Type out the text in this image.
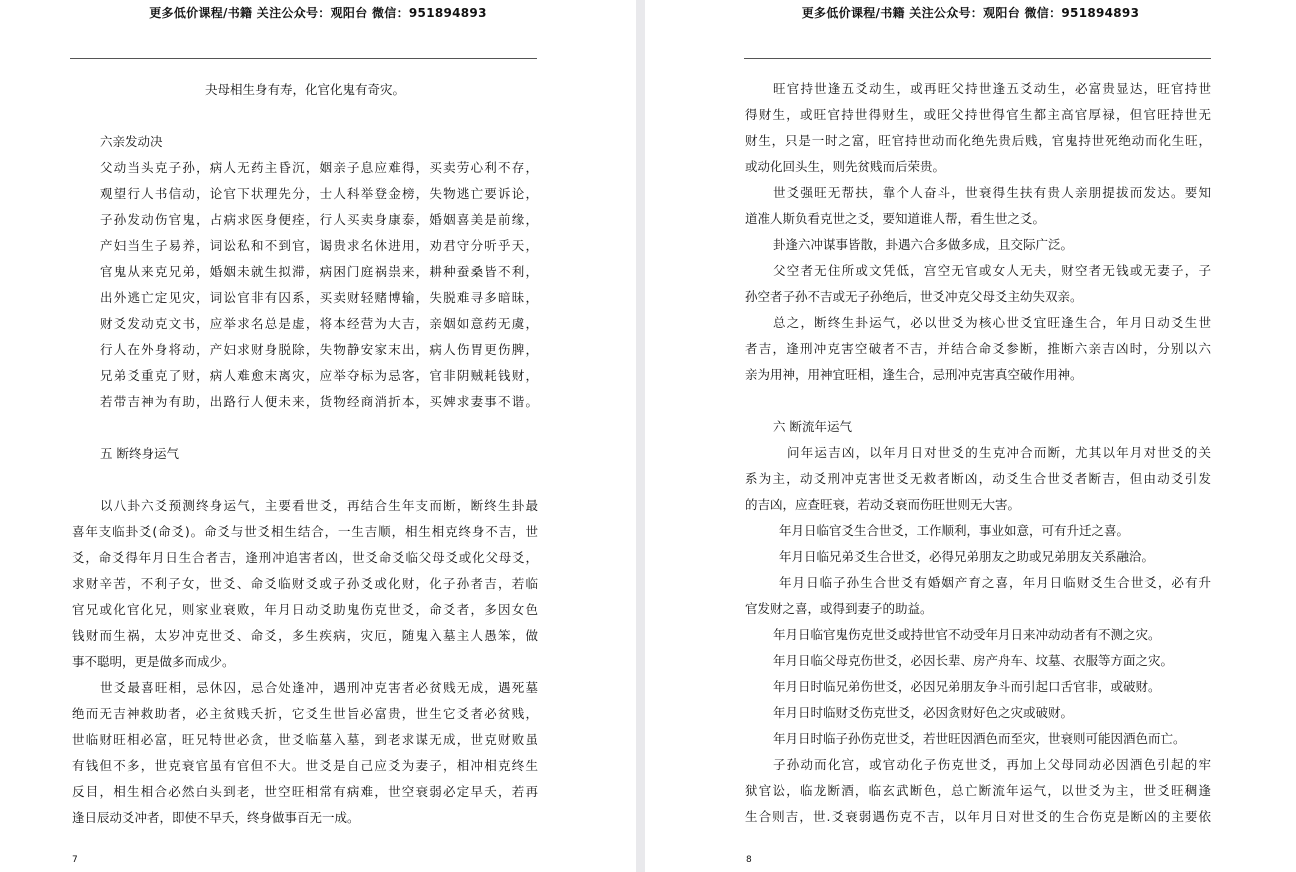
更多低价课程/书籍 关注公众号：观阳台 微信：951894893
夬母相生身有寿，化官化鬼有奇灾。
六亲发动决
父动当头克子孙，病人无药主昏沉，姻亲子息应难得，买卖劳心利不存，
观望行人书信动，论官下状理先分，士人科举登金榜，失物逃亡要诉论，
子孙发动伤官鬼，占病求医身便痊，行人买卖身康泰，婚姻喜美是前缘，
产妇当生子易养，词讼私和不到官，谒贵求名休进用，劝君守分听乎天，
官鬼从来克兄弟，婚姻未就生拟滞，病困门庭祸祟来，耕种蚕桑皆不利，
出外逃亡定见灾，词讼官非有囚系，买卖财轻赌博输，失脱难寻多暗昧，
财爻发动克文书，应举求名总是虚，将本经营为大吉，亲姻如意药无虞，
行人在外身将动，产妇求财身脱除，失物静安家末出，病人伤胃更伤脾，
兄弟爻重克了财，病人难愈末离灾，应举夺标为忌客，官非阴贼耗钱财，
若带吉神为有助，出路行人便未来，货物经商消折本，买婢求妻事不谐。
五 断终身运气
以八卦六爻预测终身运气，主要看世爻，再结合生年支而断，断终生卦最
喜年支临卦爻(命爻)。命爻与世爻相生结合，一生吉顺，相生相克终身不吉，世
爻，命爻得年月日生合者吉，逢刑冲追害者凶，世爻命爻临父母爻或化父母爻，
求财辛苦，不利子女，世爻、命爻临财爻或子孙爻或化财，化子孙者吉，若临
官兄或化官化兄，则家业衰败，年月日动爻助鬼伤克世爻，命爻者，多因女色
钱财而生祸，太岁冲克世爻、命爻，多生疾病，灾厄，随鬼入墓主人愚笨，做
事不聪明，更是做多而成少。
世爻最喜旺相，忌休囚，忌合处逢冲，遇刑冲克害者必贫贱无成，遇死墓
绝而无吉神救助者，必主贫贱夭折，它爻生世旨必富贵，世生它爻者必贫贱，
世临财旺相必富，旺兄特世必贪，世爻临墓入墓，到老求谋无成，世克财败虽
有钱但不多，世克衰官虽有官但不大。世爻是自己应爻为妻子，相冲相克终生
反目，相生相合必然白头到老，世空旺相常有病难，世空衰弱必定早夭，若再
逢日辰动爻冲者，即使不早夭，终身做事百无一成。
7
更多低价课程/书籍 关注公众号：观阳台 微信：951894893
旺官持世逢五爻动生，或再旺父持世逢五爻动生，必富贵显达，旺官持世
得财生，或旺官持世得财生，或旺父持世得官生都主高官厚禄，但官旺持世无
财生，只是一时之富，旺官持世动而化绝先贵后贱，官鬼持世死绝动而化生旺，
或动化回头生，则先贫贱而后荣贵。
世爻强旺无帮扶，靠个人奋斗，世衰得生扶有贵人亲朋提拔而发达。要知
道准人斯负看克世之爻，要知道谁人帮，看生世之爻。
卦逢六冲谋事皆散，卦遇六合多做多成，且交际广泛。
父空者无住所或文凭低，宫空无官或女人无夫，财空者无钱或无妻子，子
孙空者子孙不吉或无子孙绝后，世爻冲克父母爻主幼失双亲。
总之，断终生卦运气，必以世爻为核心世爻宜旺逢生合，年月日动爻生世
者吉，逢刑冲克害空破者不吉，并结合命爻参断，推断六亲吉凶时，分别以六
亲为用神，用神宜旺相，逢生合，忌刑冲克害真空破作用神。
六 断流年运气
问年运吉凶，以年月日对世爻的生克冲合而断，尤其以年月对世爻的关
系为主，动爻刑冲克害世爻无救者断凶，动爻生合世爻者断吉，但由动爻引发
的吉凶，应查旺衰，若动爻衰而伤旺世则无大害。
年月日临官爻生合世爻，工作顺利，事业如意，可有升迁之喜。
年月日临兄弟爻生合世爻，必得兄弟朋友之助或兄弟朋友关系融洽。
年月日临子孙生合世爻有婚姻产育之喜，年月日临财爻生合世爻，必有升
官发财之喜，或得到妻子的助益。
年月日临官鬼伤克世爻或持世官不动受年月日来冲动动者有不测之灾。
年月日临父母克伤世爻，必因长辈、房产舟车、坟墓、衣服等方面之灾。
年月日时临兄弟伤世爻，必因兄弟朋友争斗而引起口舌官非，或破财。
年月日时临财爻伤克世爻，必因贪财好色之灾或破财。
年月日时临子孙伤克世爻，若世旺因酒色而至灾，世衰则可能因酒色而亡。
子孙动而化宫，或官动化子伤克世爻，再加上父母同动必因酒色引起的牢
狱官讼，临龙断酒，临玄武断色，总亡断流年运气，以世爻为主，世爻旺稠逢
生合则吉，世.爻衰弱遇伤克不吉，以年月日对世爻的生合伤克是断凶的主要依
8
